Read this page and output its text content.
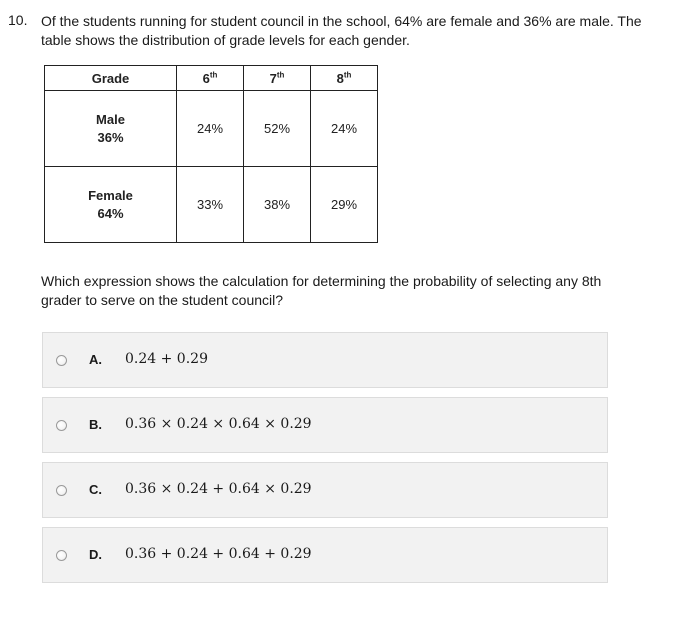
10. Of the students running for student council in the school, 64% are female and 36% are male. The table shows the distribution of grade levels for each gender.
Grade	6th	7th	8th

Male
36%	24%	52%	24%

Female
64%	33%	38%	29%
Which expression shows the calculation for determining the probability of selecting any 8th grader to serve on the student council?
A. 0.24 + 0.29
B. 0.36 × 0.24 × 0.64 × 0.29
C. 0.36 × 0.24 + 0.64 × 0.29
D. 0.36 + 0.24 + 0.64 + 0.29
